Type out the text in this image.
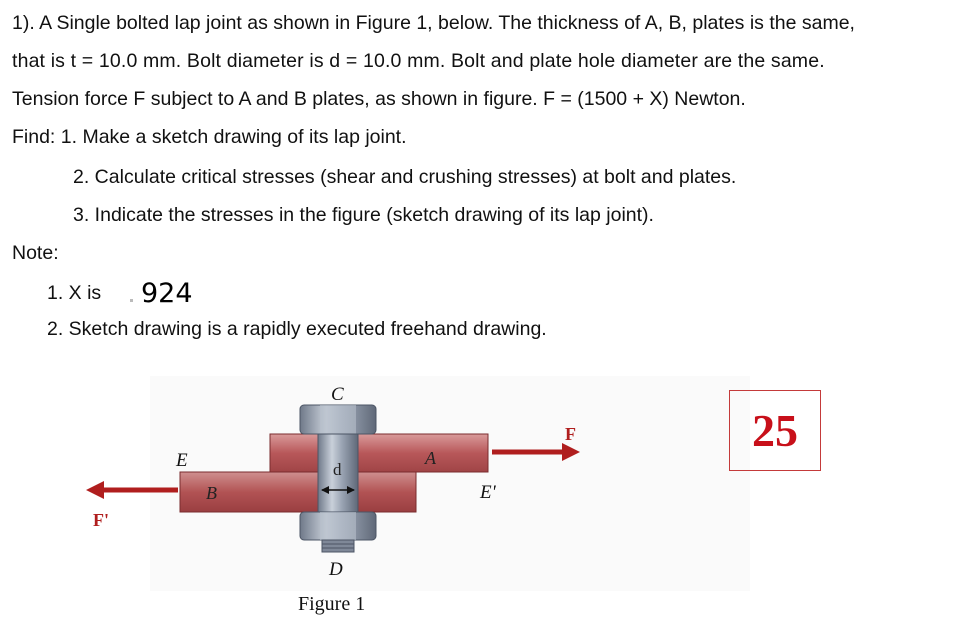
1). A Single bolted lap joint as shown in Figure 1, below. The thickness of A, B, plates is the same,
that is t = 10.0 mm. Bolt diameter is d = 10.0 mm. Bolt and plate hole diameter are the same.
Tension force F subject to A and B plates, as shown in figure. F = (1500 + X) Newton.
Find: 1. Make a sketch drawing of its lap joint.
2. Calculate critical stresses (shear and crushing stresses) at bolt and plates.
3. Indicate the stresses in the figure (sketch drawing of its lap joint).
Note:
1. X is 924
2. Sketch drawing is a rapidly executed freehand drawing.
d
C
D
E
E'
A
B
F
F'
Figure 1
25
